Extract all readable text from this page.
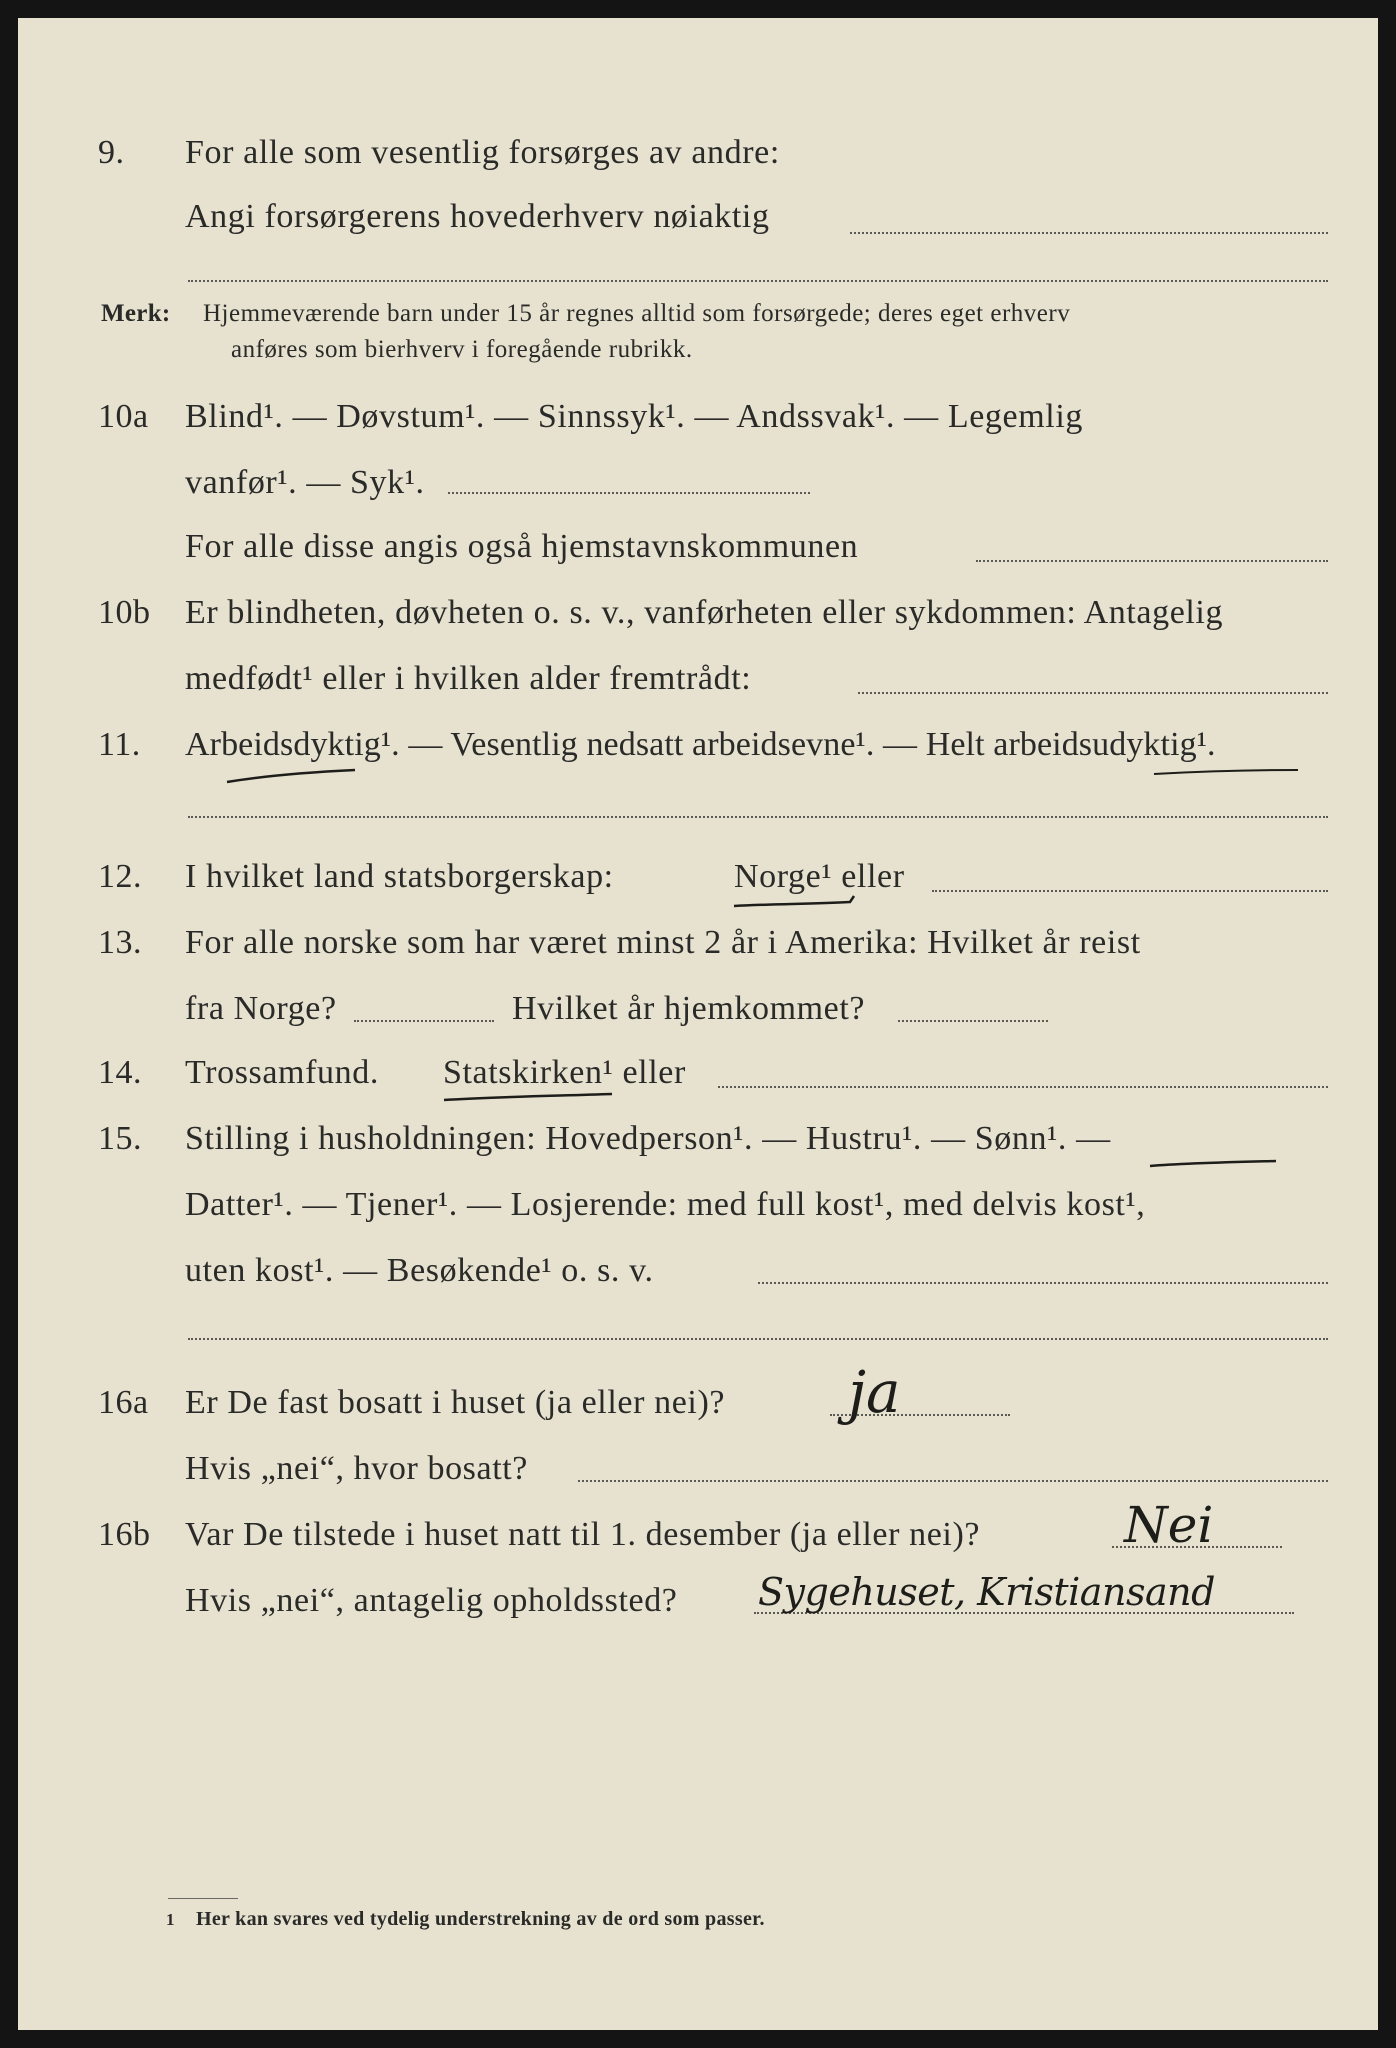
9. For alle som vesentlig forsørges av andre:
Angi forsørgerens hovederhverv nøiaktig
Merk: Hjemmeværende barn under 15 år regnes alltid som forsørgede; deres eget erhverv
anføres som bierhverv i foregående rubrikk.
10a Blind¹. — Døvstum¹. — Sinnssyk¹. — Andssvak¹. — Legemlig
vanfør¹. — Syk¹.
For alle disse angis også hjemstavnskommunen
10b Er blindheten, døvheten o. s. v., vanførheten eller sykdommen: Antagelig
medfødt¹ eller i hvilken alder fremtrådt:
11. Arbeidsdyktig¹. — Vesentlig nedsatt arbeidsevne¹. — Helt arbeidsudyktig¹.
12. I hvilket land statsborgerskap:	Norge¹ eller
13. For alle norske som har været minst 2 år i Amerika: Hvilket år reist
fra Norge?	Hvilket år hjemkommet?
14. Trossamfund. Statskirken¹ eller
15. Stilling i husholdningen: Hovedperson¹. — Hustru¹. — Sønn¹. —
Datter¹. — Tjener¹. — Losjerende: med full kost¹, med delvis kost¹,
uten kost¹. — Besøkende¹ o. s. v.
16a Er De fast bosatt i huset (ja eller nei)? ja
Hvis „nei“, hvor bosatt?
16b Var De tilstede i huset natt til 1. desember (ja eller nei)?	Nei
Hvis „nei“, antagelig opholdssted? Sygehuset, Kristiansand
1 Her kan svares ved tydelig understrekning av de ord som passer.
